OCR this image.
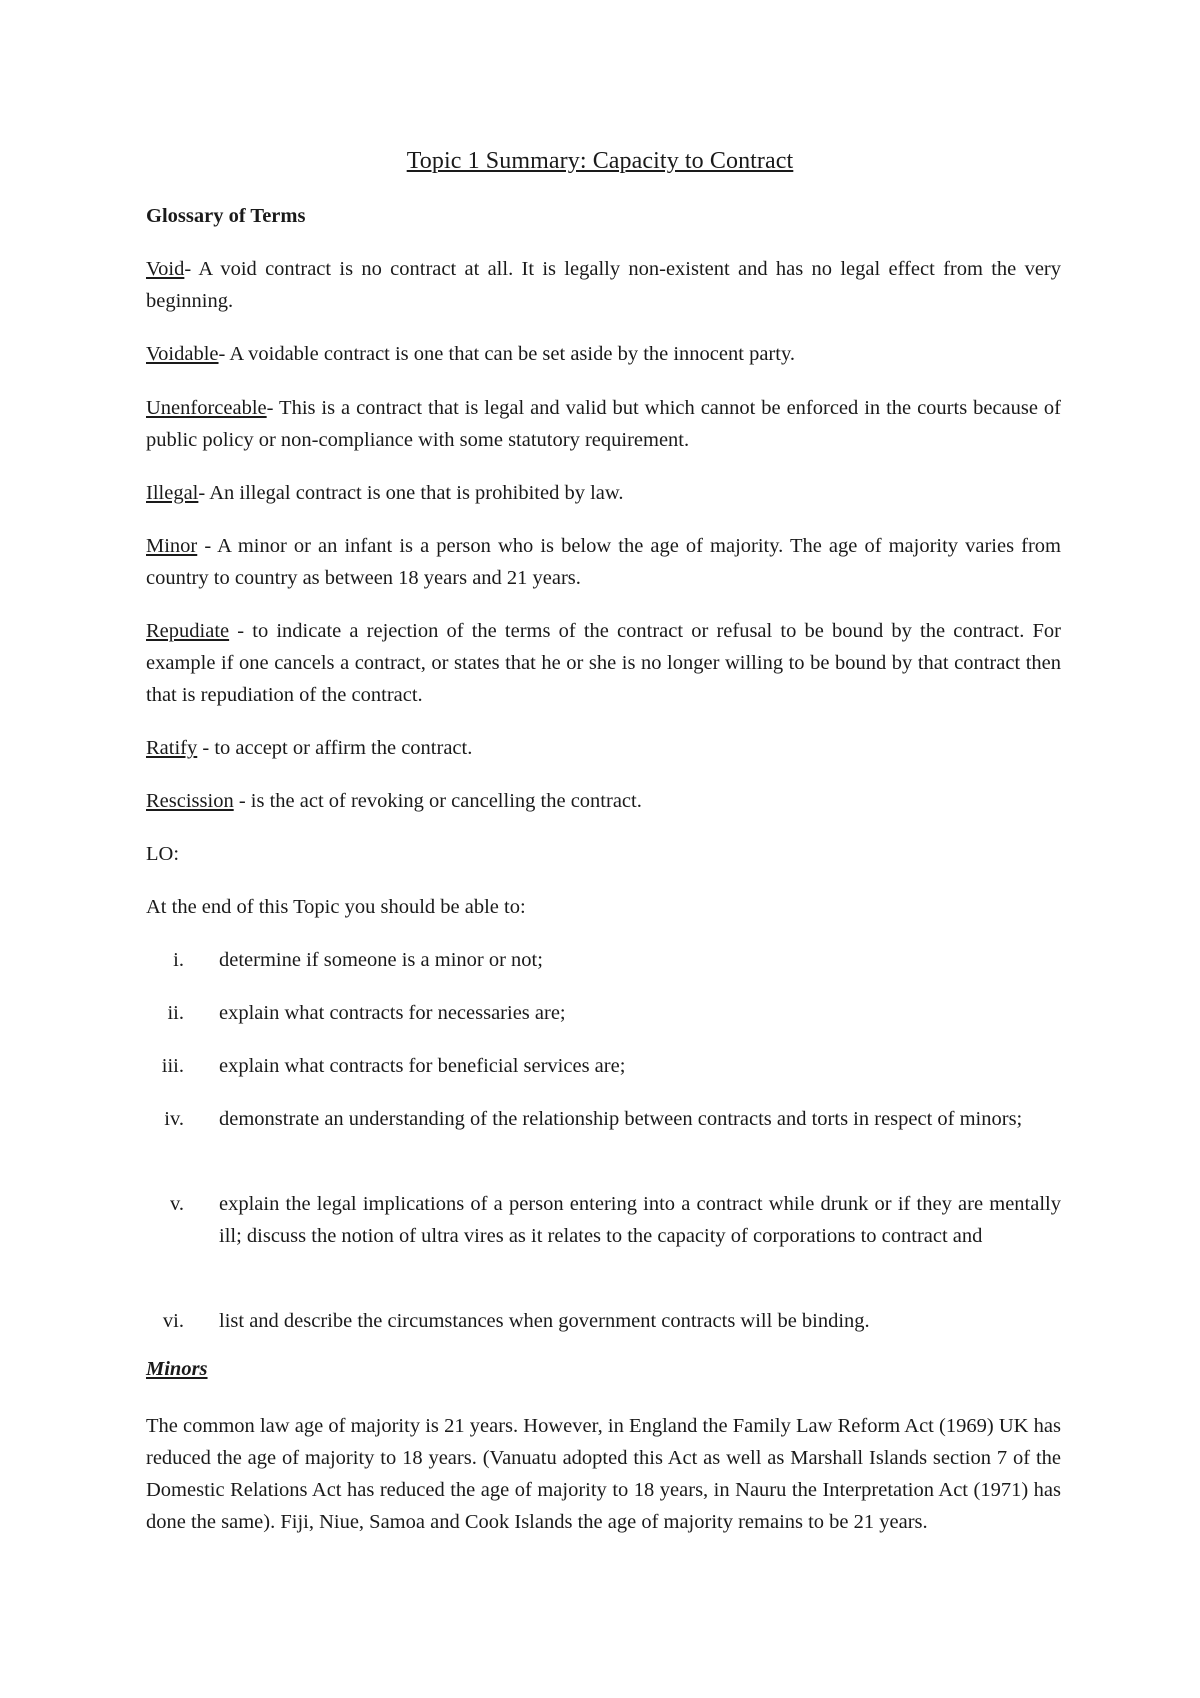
Topic 1 Summary: Capacity to Contract
Glossary of Terms
Void- A void contract is no contract at all. It is legally non-existent and has no legal effect from the very beginning.
Voidable- A voidable contract is one that can be set aside by the innocent party.
Unenforceable- This is a contract that is legal and valid but which cannot be enforced in the courts because of public policy or non-compliance with some statutory requirement.
Illegal- An illegal contract is one that is prohibited by law.
Minor - A minor or an infant is a person who is below the age of majority. The age of majority varies from country to country as between 18 years and 21 years.
Repudiate - to indicate a rejection of the terms of the contract or refusal to be bound by the contract. For example if one cancels a contract, or states that he or she is no longer willing to be bound by that contract then that is repudiation of the contract.
Ratify - to accept or affirm the contract.
Rescission - is the act of revoking or cancelling the contract.
LO:
At the end of this Topic you should be able to:
i. determine if someone is a minor or not;
ii. explain what contracts for necessaries are;
iii. explain what contracts for beneficial services are;
iv. demonstrate an understanding of the relationship between contracts and torts in respect of minors;
v. explain the legal implications of a person entering into a contract while drunk or if they are mentally ill; discuss the notion of ultra vires as it relates to the capacity of corporations to contract and
vi. list and describe the circumstances when government contracts will be binding.
Minors
The common law age of majority is 21 years. However, in England the Family Law Reform Act (1969) UK has reduced the age of majority to 18 years. (Vanuatu adopted this Act as well as Marshall Islands section 7 of the Domestic Relations Act has reduced the age of majority to 18 years, in Nauru the Interpretation Act (1971) has done the same). Fiji, Niue, Samoa and Cook Islands the age of majority remains to be 21 years.
